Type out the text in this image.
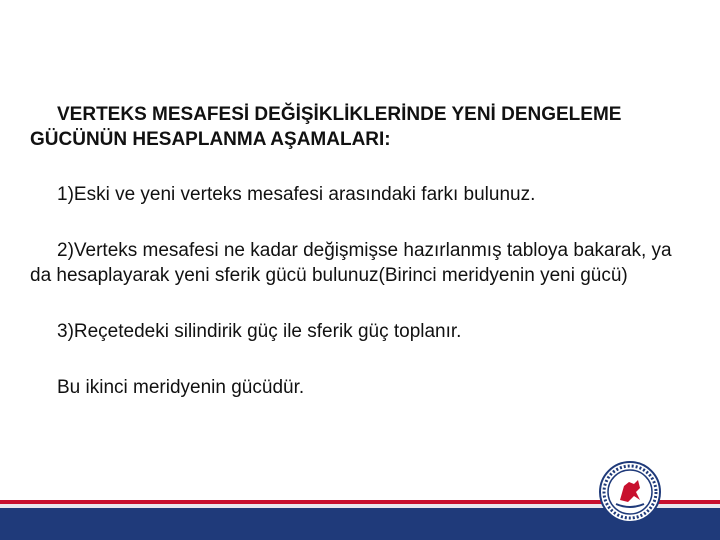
VERTEKS MESAFESİ DEĞİŞİKLİKLERİNDE YENİ DENGELEME GÜCÜNÜN HESAPLANMA AŞAMALARI:

1)Eski ve yeni verteks mesafesi arasındaki farkı bulunuz.

2)Verteks mesafesi ne kadar değişmişse hazırlanmış tabloya bakarak, ya da hesaplayarak yeni sferik gücü bulunuz(Birinci meridyenin yeni gücü)

3)Reçetedeki silindirik güç ile sferik güç toplanır.

Bu ikinci meridyenin gücüdür.
